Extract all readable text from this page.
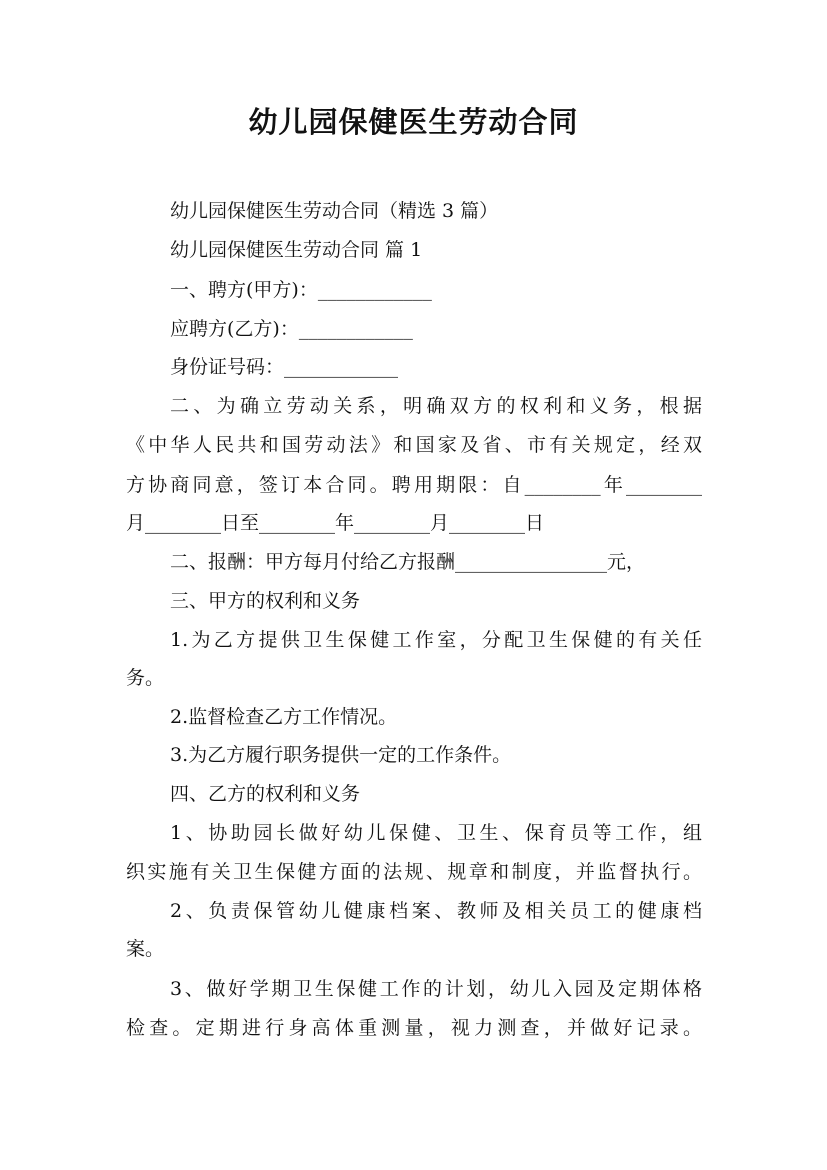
幼儿园保健医生劳动合同
幼儿园保健医生劳动合同（精选 3 篇）
幼儿园保健医生劳动合同 篇 1
一、聘方(甲方)：____________
应聘方(乙方)：____________
身份证号码：____________
二、为确立劳动关系，明确双方的权利和义务，根据
《中华人民共和国劳动法》和国家及省、市有关规定，经双
方协商同意，签订本合同。聘用期限：自________年________
月________日至________年________月________日
二、报酬：甲方每月付给乙方报酬________________元，
三、甲方的权利和义务
1.为乙方提供卫生保健工作室，分配卫生保健的有关任
务。
2.监督检查乙方工作情况。
3.为乙方履行职务提供一定的工作条件。
四、乙方的权利和义务
1、协助园长做好幼儿保健、卫生、保育员等工作，组
织实施有关卫生保健方面的法规、规章和制度，并监督执行。
2、负责保管幼儿健康档案、教师及相关员工的健康档
案。
3、做好学期卫生保健工作的计划，幼儿入园及定期体格
检查。定期进行身高体重测量，视力测查，并做好记录。
